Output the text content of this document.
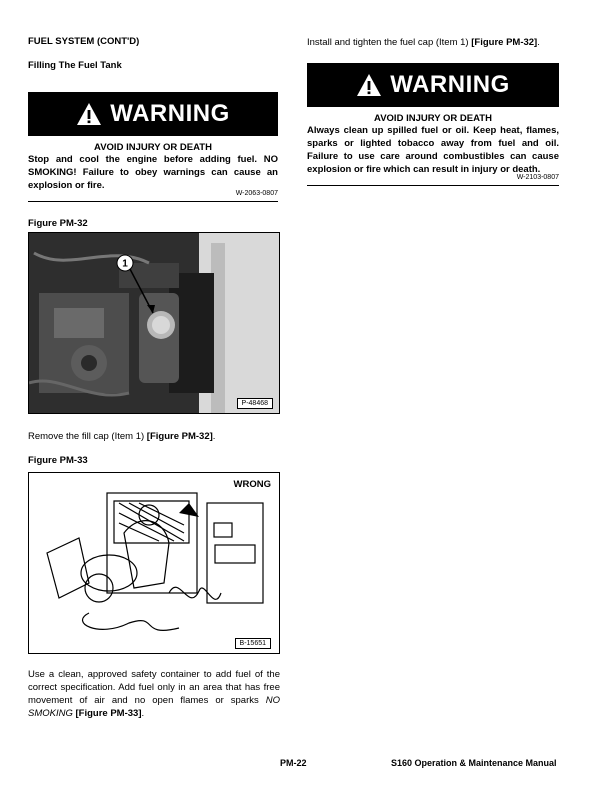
FUEL SYSTEM (CONT'D)
Filling The Fuel Tank
WARNING
AVOID INJURY OR DEATH
Stop and cool the engine before adding fuel. NO SMOKING! Failure to obey warnings can cause an explosion or fire.
W-2063-0807
Figure PM-32
1
P-48468
Remove the fill cap (Item 1) [Figure PM-32].
Figure PM-33
WRONG
B-15651
Use a clean, approved safety container to add fuel of the correct specification. Add fuel only in an area that has free movement of air and no open flames or sparks NO SMOKING [Figure PM-33].
Install and tighten the fuel cap (Item 1) [Figure PM-32].
WARNING
AVOID INJURY OR DEATH
Always clean up spilled fuel or oil. Keep heat, flames, sparks or lighted tobacco away from fuel and oil. Failure to use care around combustibles can cause explosion or fire which can result in injury or death.
W-2103-0807
PM-22	S160 Operation & Maintenance Manual
